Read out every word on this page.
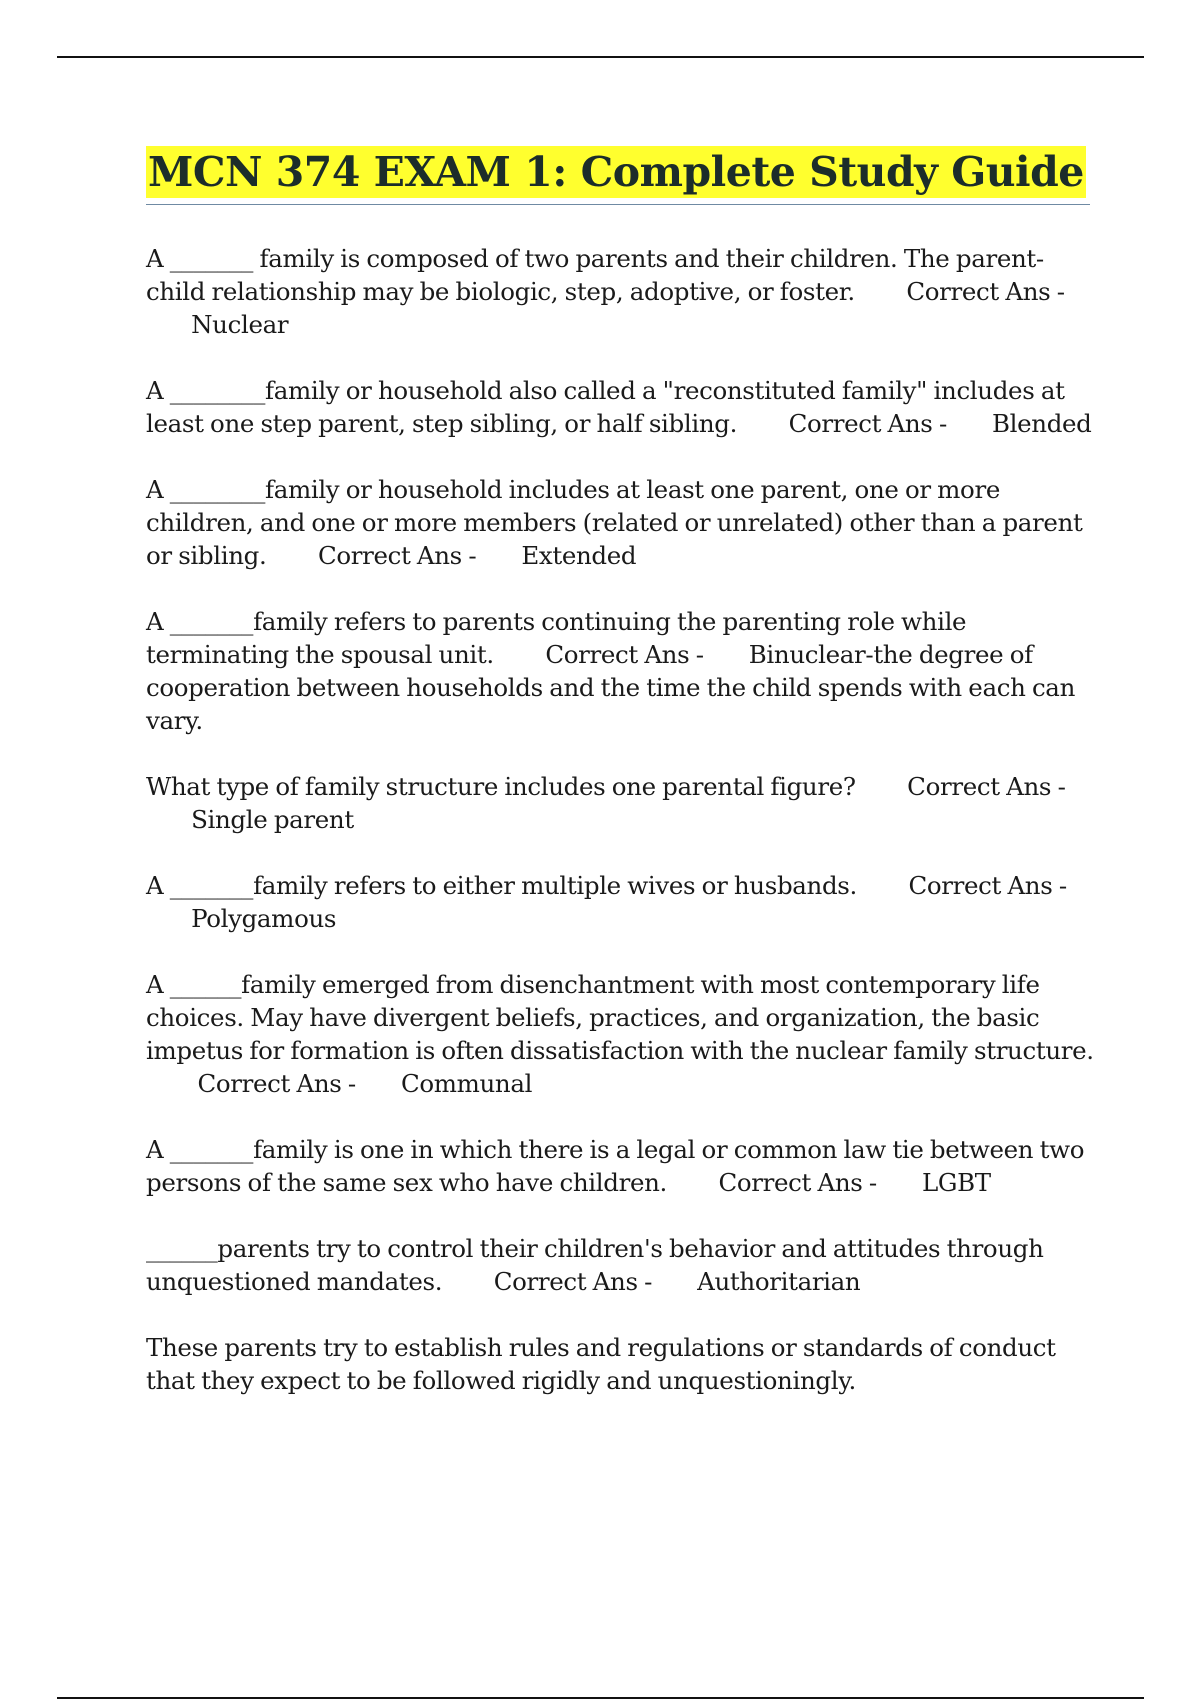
MCN 374 EXAM 1: Complete Study Guide

A _______ family is composed of two parents and their children. The parent-child relationship may be biologic, step, adoptive, or foster. Correct Ans -       Nuclear

A ________family or household also called a "reconstituted family" includes at least one step parent, step sibling, or half sibling. Correct Ans - Blended

A ________family or household includes at least one parent, one or more children, and one or more members (related or unrelated) other than a parent or sibling. Correct Ans - Extended

A _______family refers to parents continuing the parenting role while terminating the spousal unit. Correct Ans - Binuclear-the degree of cooperation between households and the time the child spends with each can vary.

What type of family structure includes one parental figure? Correct Ans -       Single parent

A _______family refers to either multiple wives or husbands. Correct Ans -       Polygamous

A ______family emerged from disenchantment with most contemporary life choices. May have divergent beliefs, practices, and organization, the basic impetus for formation is often dissatisfaction with the nuclear family structure.        Correct Ans - Communal

A _______family is one in which there is a legal or common law tie between two persons of the same sex who have children. Correct Ans - LGBT

______parents try to control their children's behavior and attitudes through unquestioned mandates. Correct Ans - Authoritarian

These parents try to establish rules and regulations or standards of conduct that they expect to be followed rigidly and unquestioningly.
